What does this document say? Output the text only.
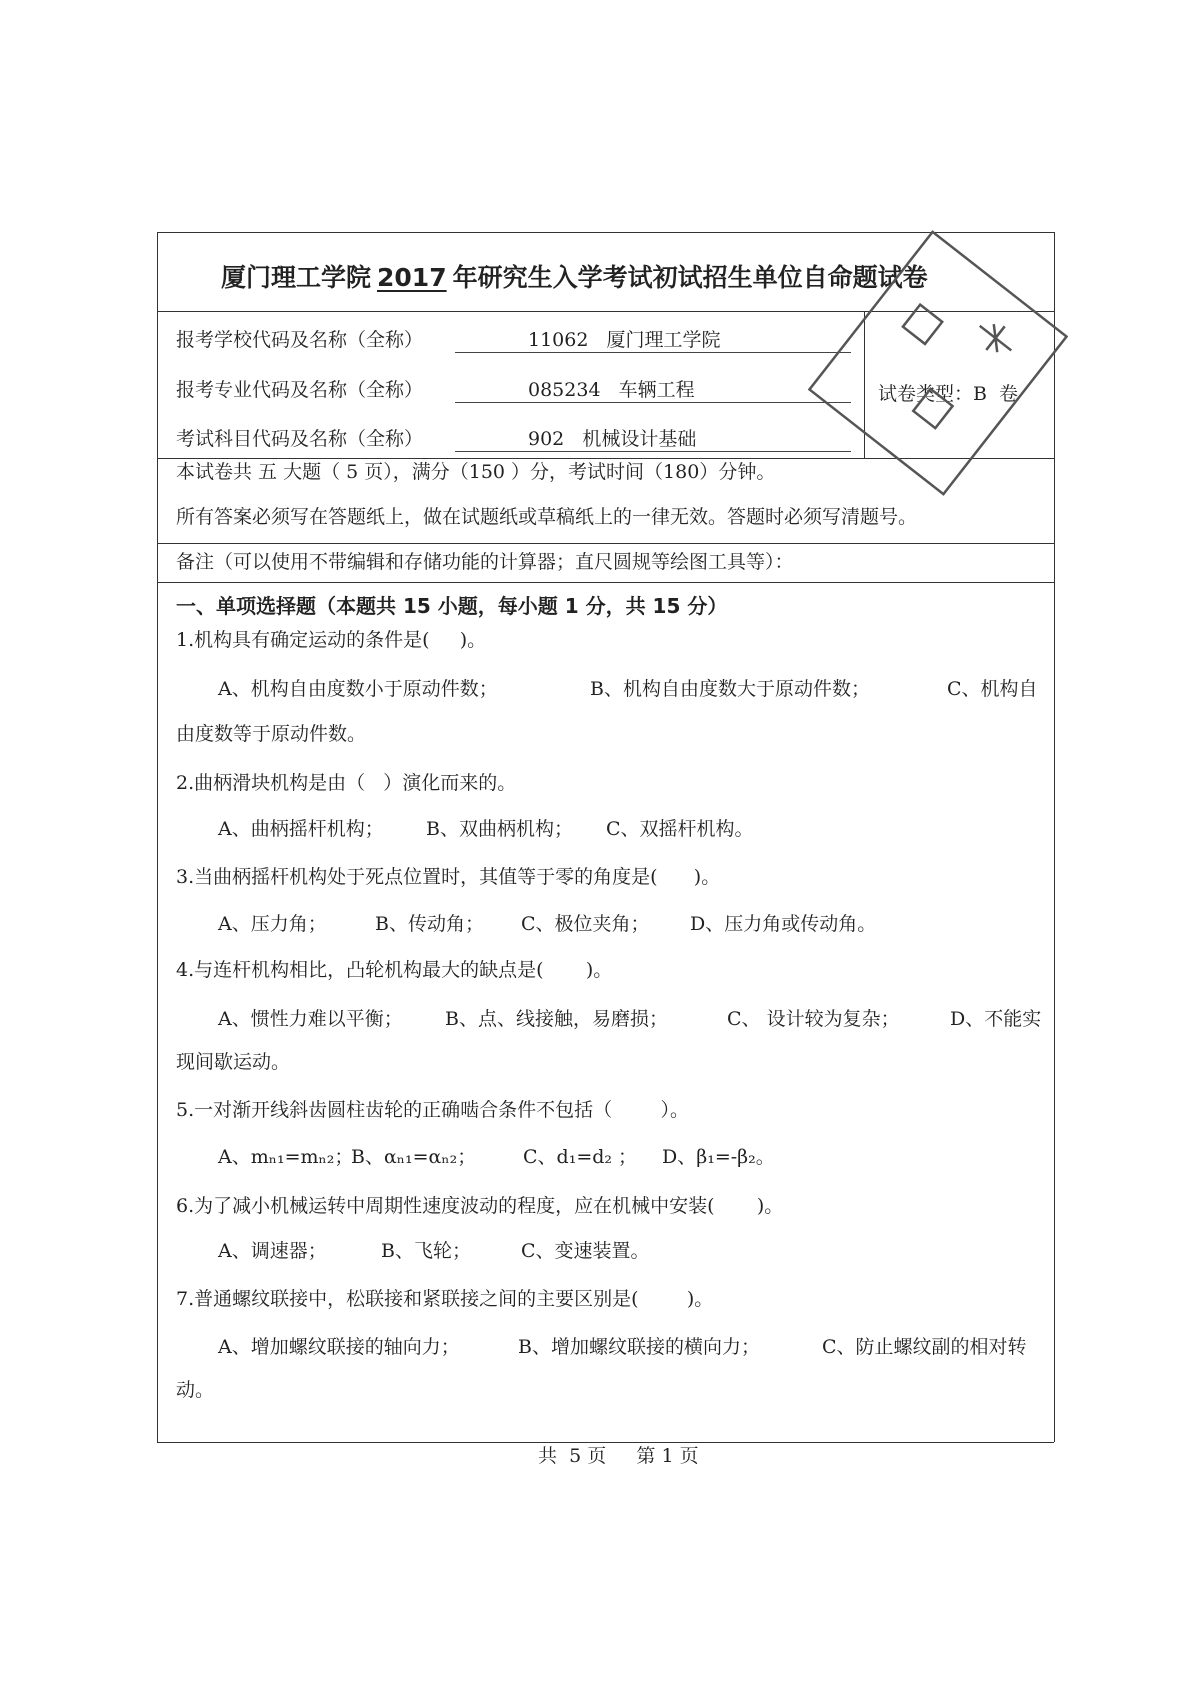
厦门理工学院 2017 年研究生入学考试初试招生单位自命题试卷
报考学校代码及名称（全称）	11062   厦门理工学院
报考专业代码及名称（全称）	085234   车辆工程
考试科目代码及名称（全称）	902   机械设计基础
试卷类型：B  卷
本试卷共 五 大题（ 5 页），满分（150 ）分，考试时间（180）分钟。
所有答案必须写在答题纸上，做在试题纸或草稿纸上的一律无效。答题时必须写清题号。
备注（可以使用不带编辑和存储功能的计算器；直尺圆规等绘图工具等）：
一、单项选择题（本题共 15 小题，每小题 1 分，共 15 分）
1.机构具有确定运动的条件是(     )。
A、机构自由度数小于原动件数；	B、机构自由度数大于原动件数；	C、机构自
由度数等于原动件数。
2.曲柄滑块机构是由（   ）演化而来的。
A、曲柄摇杆机构； B、双曲柄机构； C、双摇杆机构。
3.当曲柄摇杆机构处于死点位置时，其值等于零的角度是(      )。
A、压力角；	B、传动角； C、极位夹角； D、压力角或传动角。
4.与连杆机构相比，凸轮机构最大的缺点是(       )。
A、惯性力难以平衡； B、点、线接触，易磨损；	C、 设计较为复杂；	D、不能实
现间歇运动。
5.一对渐开线斜齿圆柱齿轮的正确啮合条件不包括（        ）。
A、mₙ₁=mₙ₂；
B、αₙ₁=αₙ₂； C、d₁=d₂ ； D、β₁=-β₂。
6.为了减小机械运转中周期性速度波动的程度，应在机械中安装(       )。
A、调速器；	B、飞轮；	C、变速装置。
7.普通螺纹联接中，松联接和紧联接之间的主要区别是(        )。
A、增加螺纹联接的轴向力；	B、增加螺纹联接的横向力；	C、防止螺纹副的相对转
动。
共  5 页     第 1 页
